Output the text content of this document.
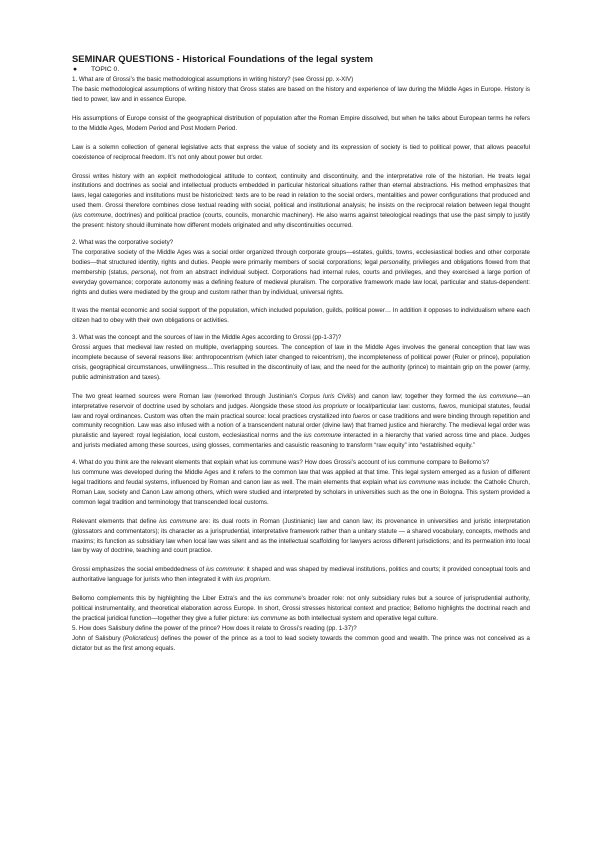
SEMINAR QUESTIONS - Historical Foundations of the legal system
●	TOPIC 0.

1. What are of Grossi’s the basic methodological assumptions in writing history? (see Grossi pp. x-XIV)

The basic methodological assumptions of writing history that Gross states are based on the history and experience of law during the Middle Ages in Europe. History is tied to power, law and in essence Europe.

His assumptions of Europe consist of the geographical distribution of population after the Roman Empire dissolved, but when he talks about European terms he refers to the Middle Ages, Modern Period and Post Modern Period.

Law is a solemn collection of general legislative acts that express the value of society and its expression of society is tied to political power, that allows peaceful coexistence of reciprocal freedom. It’s not only about power but order.

Grossi writes history with an explicit methodological attitude to context, continuity and discontinuity, and the interpretative role of the historian. He treats legal institutions and doctrines as social and intellectual products embedded in particular historical situations rather than eternal abstractions. His method emphasizes that laws, legal categories and institutions must be historicized: texts are to be read in relation to the social orders, mentalities and power configurations that produced and used them. Grossi therefore combines close textual reading with social, political and institutional analysis; he insists on the reciprocal relation between legal thought (ius commune, doctrines) and political practice (courts, councils, monarchic machinery). He also warns against teleological readings that use the past simply to justify the present: history should illuminate how different models originated and why discontinuities occurred.

2. What was the corporative society?

The corporative society of the Middle Ages was a social order organized through corporate groups—estates, guilds, towns, ecclesiastical bodies and other corporate bodies—that structured identity, rights and duties. People were primarily members of social corporations; legal personality, privileges and obligations flowed from that membership (status, persona), not from an abstract individual subject. Corporations had internal rules, courts and privileges, and they exercised a large portion of everyday governance; corporate autonomy was a defining feature of medieval pluralism. The corporative framework made law local, particular and status-dependent: rights and duties were mediated by the group and custom rather than by individual, universal rights.

It was the mental economic and social support of the population, which included population, guilds, political power… In addition it opposes to individualism where each citizen had to obey with their own obligations or activities.

3. What was the concept and the sources of law in the Middle Ages according to Grossi (pp-1-37)?

Grossi argues that medieval law rested on multiple, overlapping sources. The conception of law in the Middle Ages involves the general conception that law was incomplete because of several reasons like: anthropocentrism (which later changed to reicentrism), the incompleteness of political power (Ruler or prince), population crisis, geographical circumstances, unwillingness…This resulted in the discontinuity of law, and the need for the authority (prince) to maintain grip on the power (army, public administration and taxes).

The two great learned sources were Roman law (reworked through Justinian’s Corpus Iuris Civilis) and canon law; together they formed the ius commune—an interpretative reservoir of doctrine used by scholars and judges. Alongside these stood ius proprium or local/particular law: customs, fueros, municipal statutes, feudal law and royal ordinances. Custom was often the main practical source: local practices crystallized into fueros or case traditions and were binding through repetition and community recognition. Law was also infused with a notion of a transcendent natural order (divine law) that framed justice and hierarchy. The medieval legal order was pluralistic and layered: royal legislation, local custom, ecclesiastical norms and the ius commune interacted in a hierarchy that varied across time and place. Judges and jurists mediated among these sources, using glosses, commentaries and casuistic reasoning to transform “raw equity” into “established equity.”

4. What do you think are the relevant elements that explain what ius commune was? How does Grossi’s account of ius commune compare to Bellomo’s?

Ius commune was developed during the Middle Ages and it refers to the common law that was applied at that time. This legal system emerged as a fusion of different legal traditions and feudal systems, influenced by Roman and canon law as well. The main elements that explain what ius commune was include: the Catholic Church, Roman Law, society and Canon Law among others, which were studied and interpreted by scholars in universities such as the one in Bologna. This system provided a common legal tradition and terminology that transcended local customs.

Relevant elements that define ius commune are: its dual roots in Roman (Justinianic) law and canon law; its provenance in universities and juristic interpretation (glossators and commentators); its character as a jurisprudential, interpretative framework rather than a unitary statute — a shared vocabulary, concepts, methods and maxims; its function as subsidiary law when local law was silent and as the intellectual scaffolding for lawyers across different jurisdictions; and its permeation into local law by way of doctrine, teaching and court practice.

Grossi emphasizes the social embeddedness of ius commune: it shaped and was shaped by medieval institutions, politics and courts; it provided conceptual tools and authoritative language for jurists who then integrated it with ius proprium.

Bellomo complements this by highlighting the Liber Extra’s and the ius commune’s broader role: not only subsidiary rules but a source of jurisprudential authority, political instrumentality, and theoretical elaboration across Europe. In short, Grossi stresses historical context and practice; Bellomo highlights the doctrinal reach and the practical juridical function—together they give a fuller picture: ius commune as both intellectual system and operative legal culture.

5. How does Salisbury define the power of the prince? How does it relate to Grossi’s reading (pp. 1-37)?

John of Salisbury (Policraticus) defines the power of the prince as a tool to lead society towards the common good and wealth. The prince was not conceived as a dictator but as the first among equals.
